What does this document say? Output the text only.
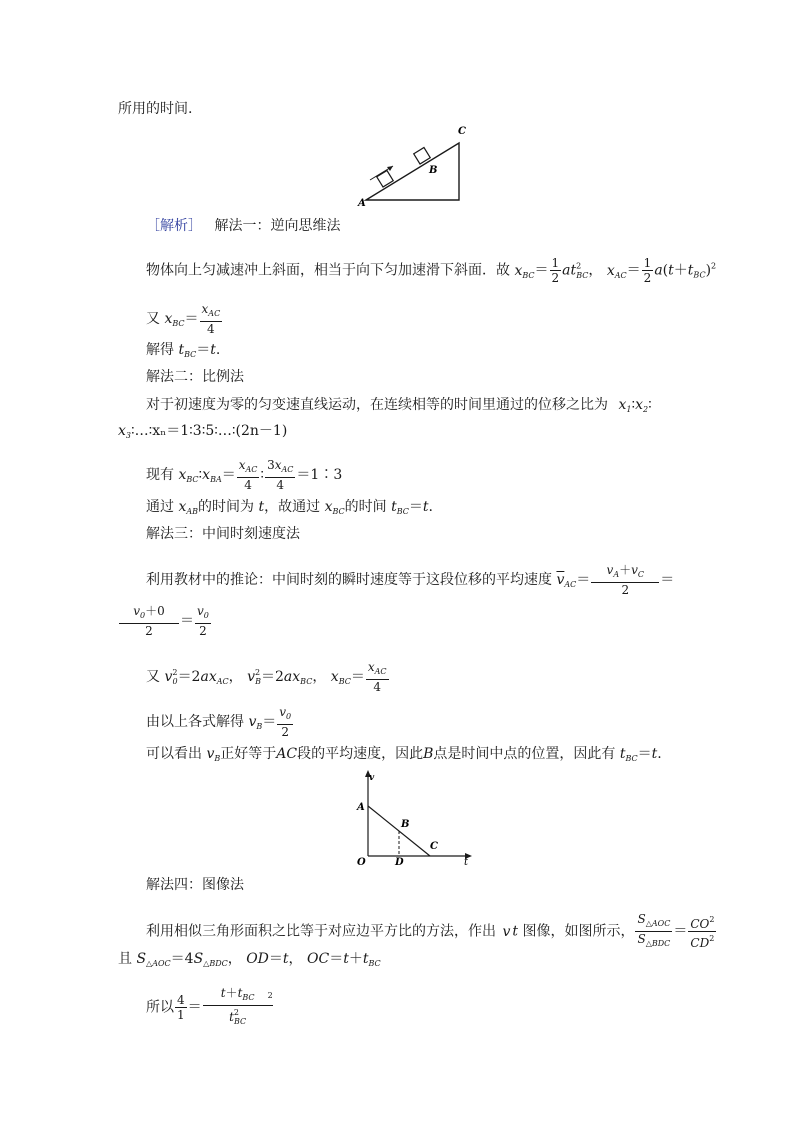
所用的时间.
A
B
C
［解析］ 解法一：逆向思维法
物体向上匀减速冲上斜面，相当于向下匀加速滑下斜面．故 $x_{BC}= \frac{1}{2} at^2_{BC}$， $x_{AC}= \frac{1}{2} a(t+t_{BC})^2$
又 $x_{BC}= \frac{x_{AC}}{4}$
解得 $t_{BC}=t$.
解法二：比例法
对于初速度为零的匀变速直线运动，在连续相等的时间里通过的位移之比为 $x_1∶x_2∶$
$x_3∶\dots∶x_n=1∶3∶5∶\dots∶(2n-1)$
现有 $x_{BC}∶x_{BA}= \frac{x_{AC}}{4}$ ∶ $\frac{3x_{AC}}{4}$ ＝1∶3
通过 $x_{AB}$的时间为 t，故通过 $x_{BC}$的时间 $t_{BC}=t$.
解法三：中间时刻速度法
利用教材中的推论：中间时刻的瞬时速度等于这段位移的平均速度 $\overline{v}_{AC}= \frac{v_A+v_C}{2}$ ＝
$\frac{v_0+0}{2} = \frac{v_0}{2}$
又 $v^2_0=2ax_{AC}$， $v^2_B=2ax_{BC}$， $x_{BC}= \frac{x_{AC}}{4}$
由以上各式解得 $v_B= \frac{v_0}{2}$
可以看出 $v_B$正好等于AC段的平均速度，因此B点是时间中点的位置，因此有 $t_{BC}=t$.
v
A
B
C
O	D	t
解法四：图像法
利用相似三角形面积之比等于对应边平方比的方法，作出 v t 图像，如图所示， $\frac{S_{\triangle AOC}}{S_{\triangle BDC}} = \frac{CO^2}{CD^2}$
且 $S_{\triangle AOC}=4S_{\triangle BDC}$， OD＝t， $OC=t+t_{BC}$
所以 $\frac{4}{1} = \frac{t+t_{BC}}{t^2_{BC}}$
$^2$
